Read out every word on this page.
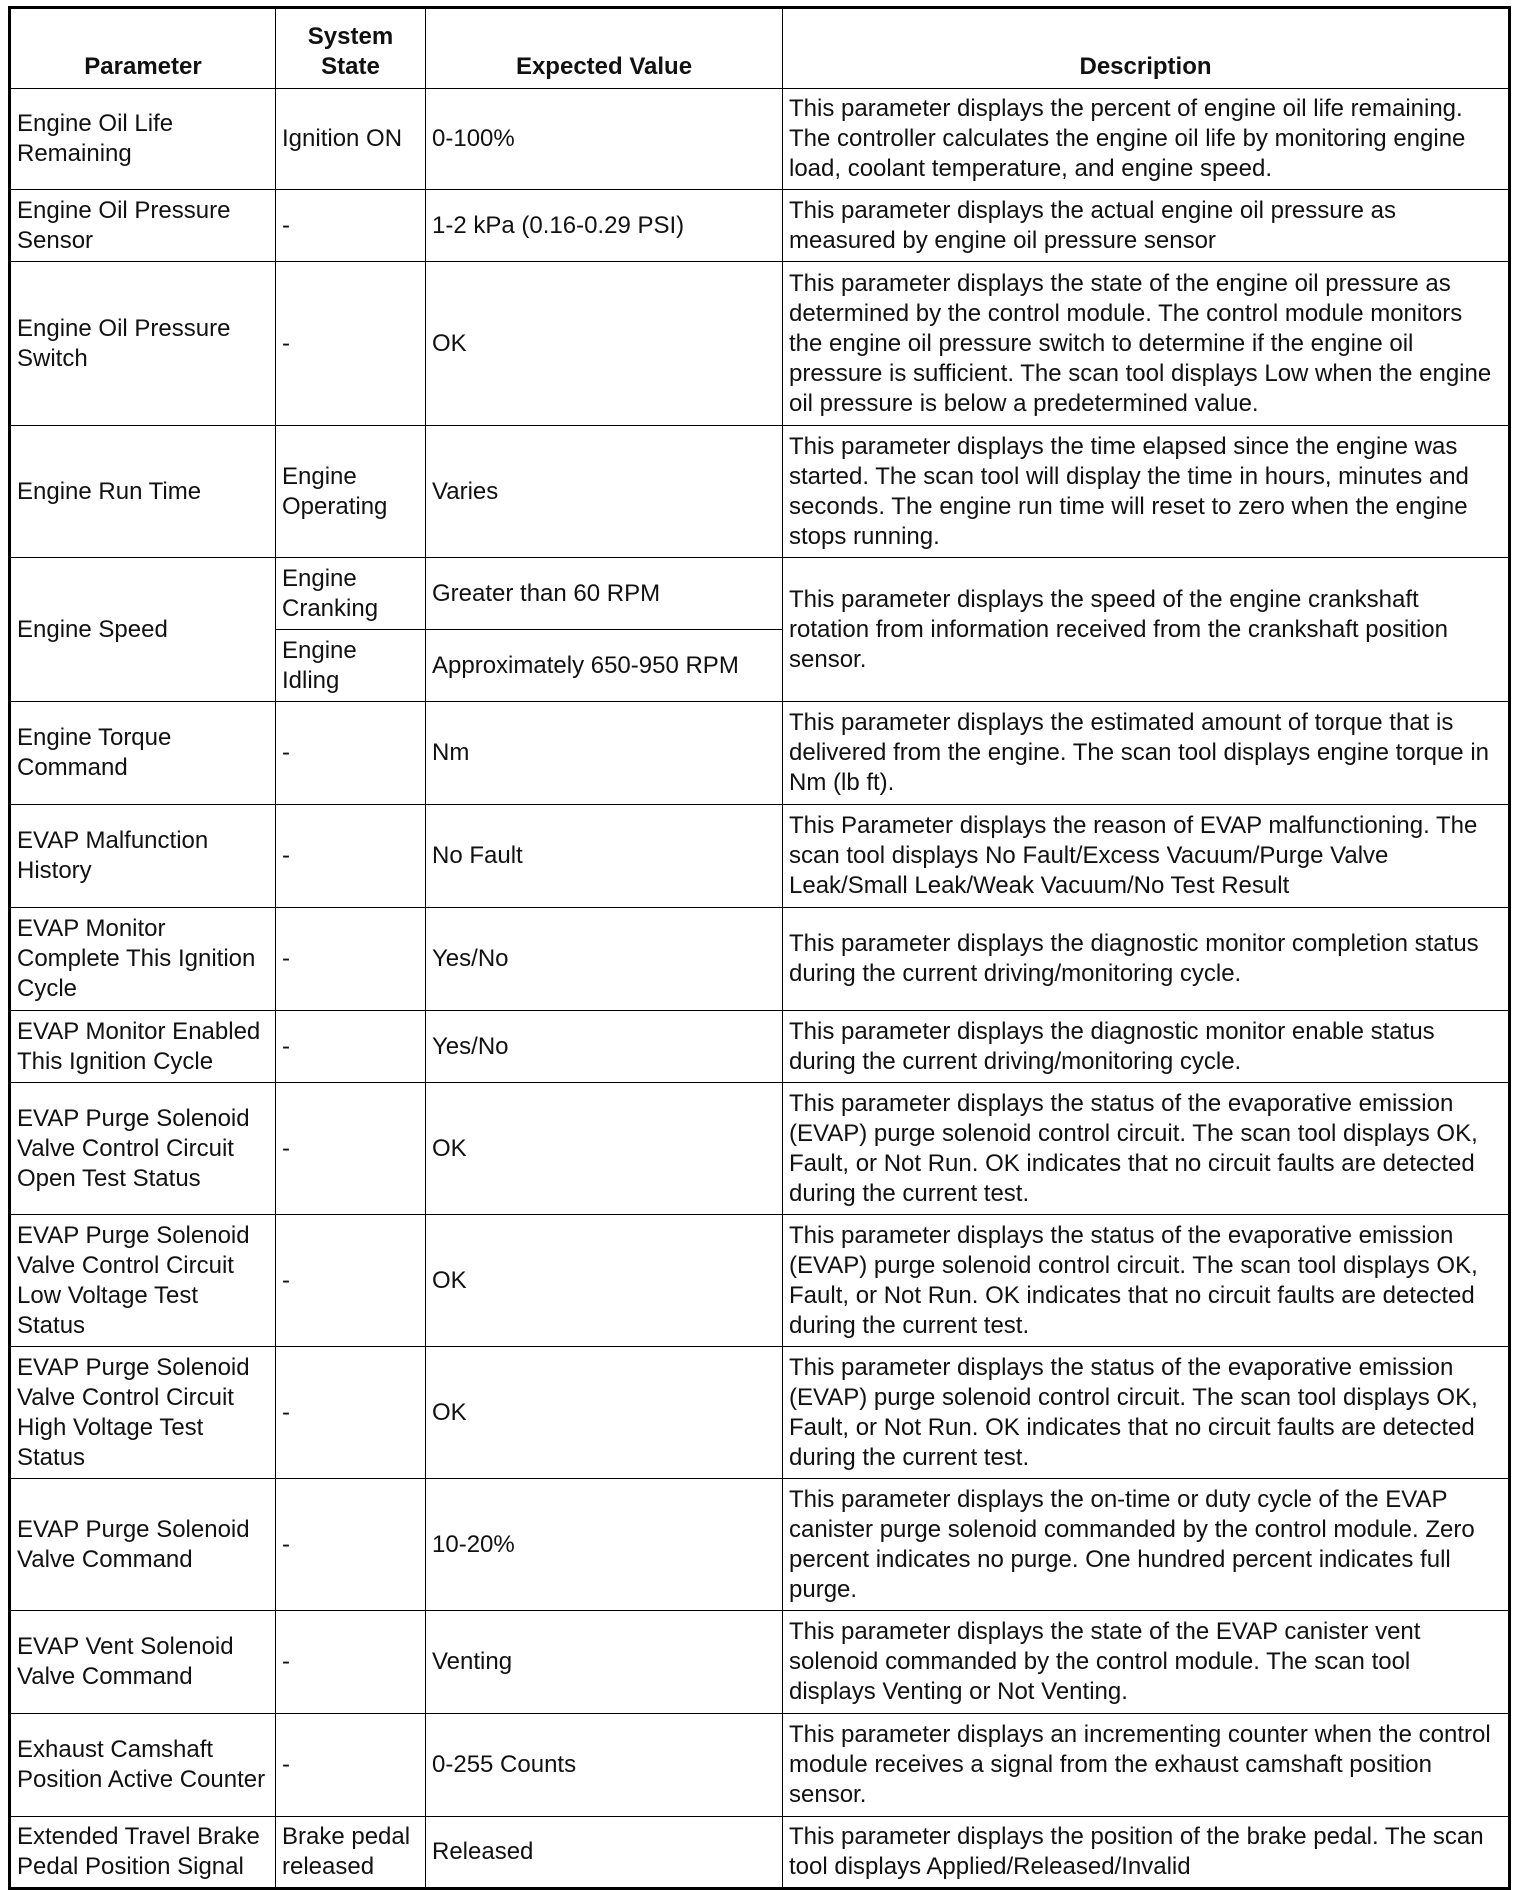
Parameter	System State	Expected Value	Description
Engine Oil Life Remaining	Ignition ON	0-100%	This parameter displays the percent of engine oil life remaining. The controller calculates the engine oil life by monitoring engine load, coolant temperature, and engine speed.
Engine Oil Pressure Sensor	-	1-2 kPa (0.16-0.29 PSI)	This parameter displays the actual engine oil pressure as measured by engine oil pressure sensor
Engine Oil Pressure Switch	-	OK	This parameter displays the state of the engine oil pressure as determined by the control module. The control module monitors the engine oil pressure switch to determine if the engine oil pressure is sufficient. The scan tool displays Low when the engine oil pressure is below a predetermined value.
Engine Run Time	Engine Operating	Varies	This parameter displays the time elapsed since the engine was started. The scan tool will display the time in hours, minutes and seconds. The engine run time will reset to zero when the engine stops running.
Engine Speed	Engine Cranking	Greater than 60 RPM	This parameter displays the speed of the engine crankshaft rotation from information received from the crankshaft position sensor.
	Engine Idling	Approximately 650-950 RPM	
Engine Torque Command	-	Nm	This parameter displays the estimated amount of torque that is delivered from the engine. The scan tool displays engine torque in Nm (lb ft).
EVAP Malfunction History	-	No Fault	This Parameter displays the reason of EVAP malfunctioning. The scan tool displays No Fault/Excess Vacuum/Purge Valve Leak/Small Leak/Weak Vacuum/No Test Result
EVAP Monitor Complete This Ignition Cycle	-	Yes/No	This parameter displays the diagnostic monitor completion status during the current driving/monitoring cycle.
EVAP Monitor Enabled This Ignition Cycle	-	Yes/No	This parameter displays the diagnostic monitor enable status during the current driving/monitoring cycle.
EVAP Purge Solenoid Valve Control Circuit Open Test Status	-	OK	This parameter displays the status of the evaporative emission (EVAP) purge solenoid control circuit. The scan tool displays OK, Fault, or Not Run. OK indicates that no circuit faults are detected during the current test.
EVAP Purge Solenoid Valve Control Circuit Low Voltage Test Status	-	OK	This parameter displays the status of the evaporative emission (EVAP) purge solenoid control circuit. The scan tool displays OK, Fault, or Not Run. OK indicates that no circuit faults are detected during the current test.
EVAP Purge Solenoid Valve Control Circuit High Voltage Test Status	-	OK	This parameter displays the status of the evaporative emission (EVAP) purge solenoid control circuit. The scan tool displays OK, Fault, or Not Run. OK indicates that no circuit faults are detected during the current test.
EVAP Purge Solenoid Valve Command	-	10-20%	This parameter displays the on-time or duty cycle of the EVAP canister purge solenoid commanded by the control module. Zero percent indicates no purge. One hundred percent indicates full purge.
EVAP Vent Solenoid Valve Command	-	Venting	This parameter displays the state of the EVAP canister vent solenoid commanded by the control module. The scan tool displays Venting or Not Venting.
Exhaust Camshaft Position Active Counter	-	0-255 Counts	This parameter displays an incrementing counter when the control module receives a signal from the exhaust camshaft position sensor.
Extended Travel Brake Pedal Position Signal	Brake pedal released	Released	This parameter displays the position of the brake pedal. The scan tool displays Applied/Released/Invalid
